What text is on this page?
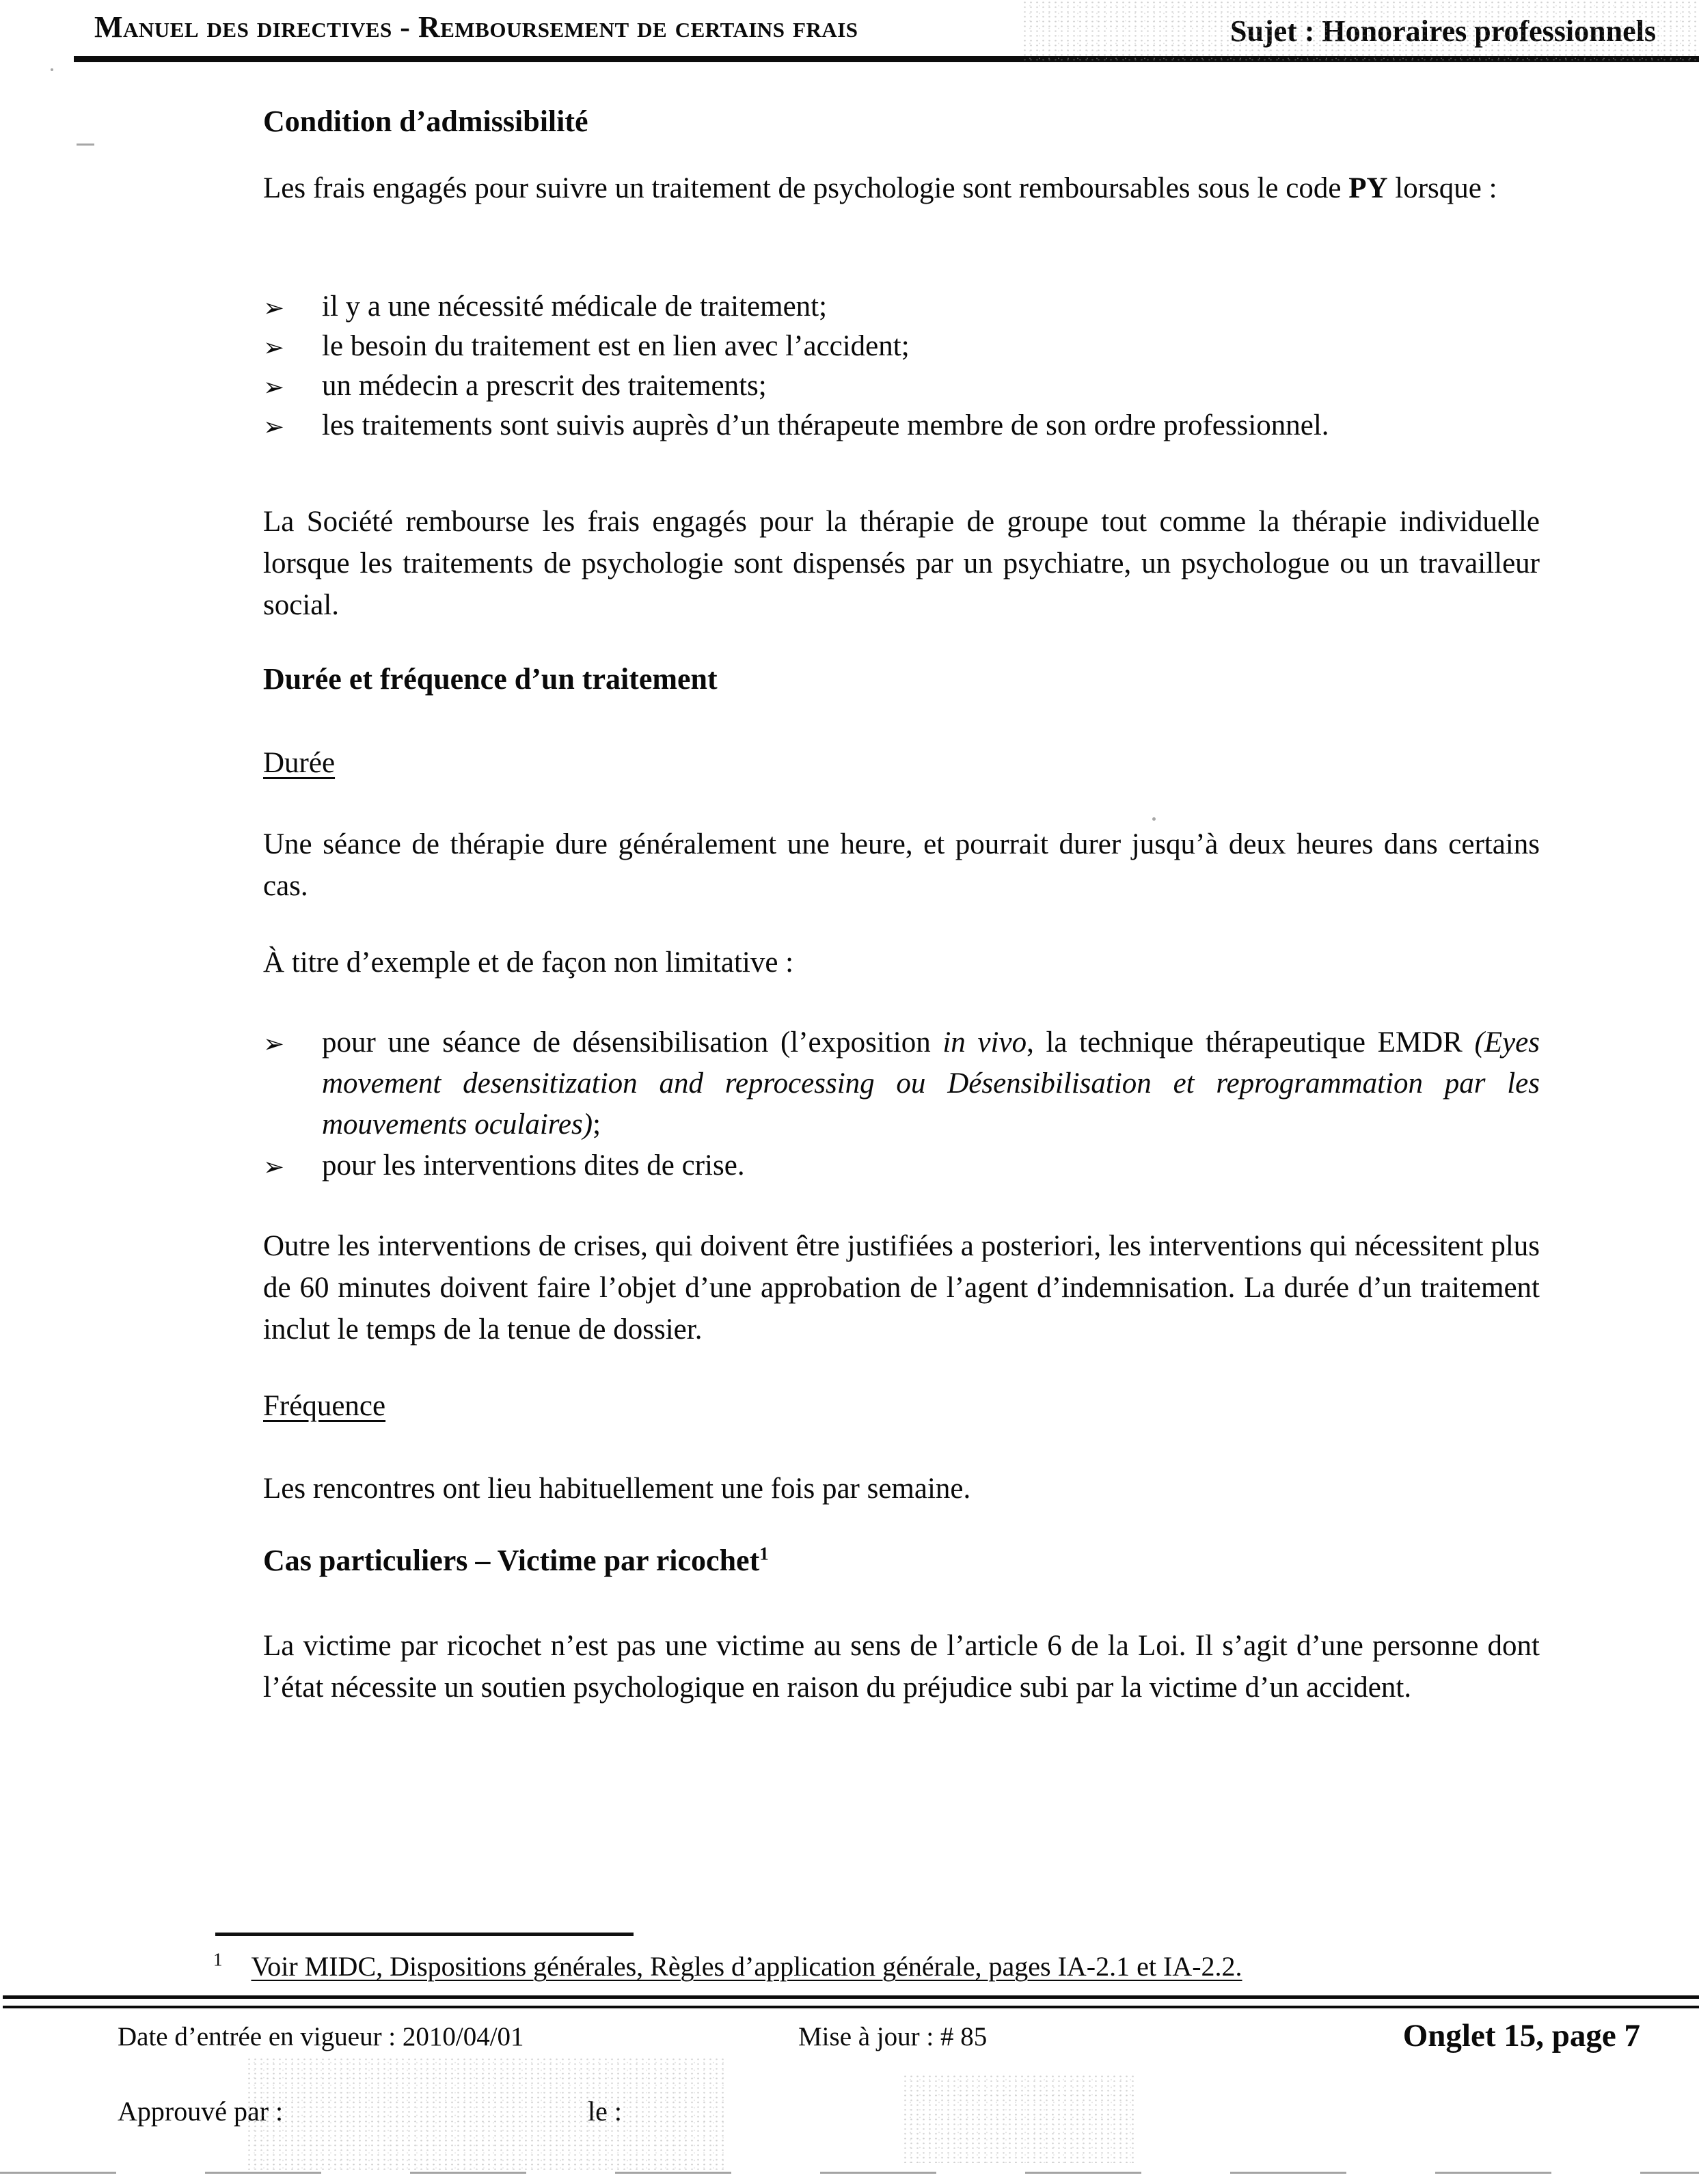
Manuel des directives - Remboursement de certains frais	Sujet : Honoraires professionnels
Condition d’admissibilité

Les frais engagés pour suivre un traitement de psychologie sont remboursables sous le code PY lorsque :

➢ il y a une nécessité médicale de traitement;
➢ le besoin du traitement est en lien avec l’accident;
➢ un médecin a prescrit des traitements;
➢ les traitements sont suivis auprès d’un thérapeute membre de son ordre professionnel.

La Société rembourse les frais engagés pour la thérapie de groupe tout comme la thérapie individuelle lorsque les traitements de psychologie sont dispensés par un psychiatre, un psychologue ou un travailleur social.

Durée et fréquence d’un traitement
Durée

Une séance de thérapie dure généralement une heure, et pourrait durer jusqu’à deux heures dans certains cas.

À titre d’exemple et de façon non limitative :

➢ pour une séance de désensibilisation (l’exposition in vivo, la technique thérapeutique EMDR (Eyes movement desensitization and reprocessing ou Désensibilisation et reprogrammation par les mouvements oculaires);
➢ pour les interventions dites de crise.

Outre les interventions de crises, qui doivent être justifiées a posteriori, les interventions qui nécessitent plus de 60 minutes doivent faire l’objet d’une approbation de l’agent d’indemnisation. La durée d’un traitement inclut le temps de la tenue de dossier.

Fréquence

Les rencontres ont lieu habituellement une fois par semaine.

Cas particuliers – Victime par ricochet$^1$

La victime par ricochet n’est pas une victime au sens de l’article 6 de la Loi. Il s’agit d’une personne dont l’état nécessite un soutien psychologique en raison du préjudice subi par la victime d’un accident.

$^1$ Voir MIDC, Dispositions générales, Règles d’application générale, pages IA-2.1 et IA-2.2.
Date d’entrée en vigueur : 2010/04/01	Mise à jour : # 85	Onglet 15, page 7
Approuvé par :	le :
